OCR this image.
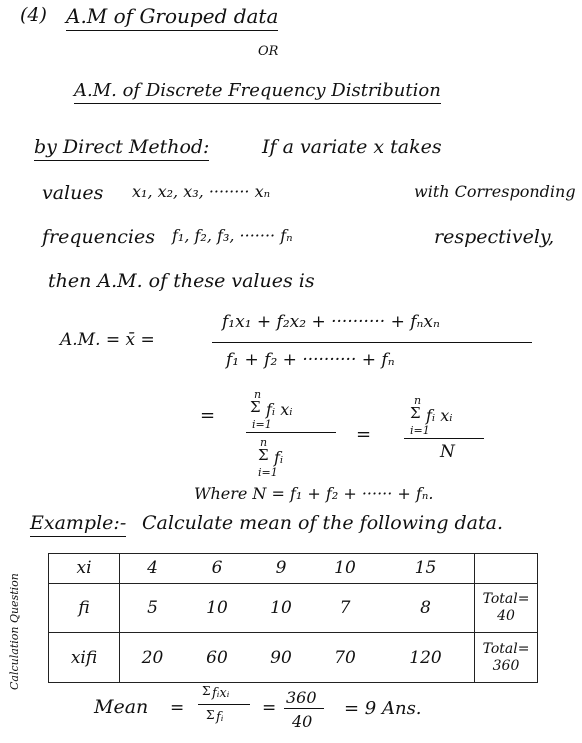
(4) A.M of Grouped data
OR
A.M. of Discrete Frequency Distribution
by Direct Method:	If a variate x takes
values x₁, x₂, x₃, ········ xₙ	with Corresponding
frequencies f₁, f₂, f₃, ······· fₙ	respectively,
then A.M. of these values is
A.M. = x̄ =
f₁x₁ + f₂x₂ + ·········· + fₙxₙ
f₁ + f₂ + ·········· + fₙ
=
n
Σ fᵢ xᵢ
i=1
n
Σ fᵢ
i=1
=
n
Σ fᵢ xᵢ
i=1
N
Where N = f₁ + f₂ + ······ + fₙ.
Example:- Calculate mean of the following data.
Calculation Question
xi	4	6	9	10	15	
fi	5	10	10	7	8	Total= 40
xifi	20	60	90	70	120	Total= 360
Mean =
Σ fᵢxᵢ
Σ fᵢ =
360
40
= 9 Ans.
